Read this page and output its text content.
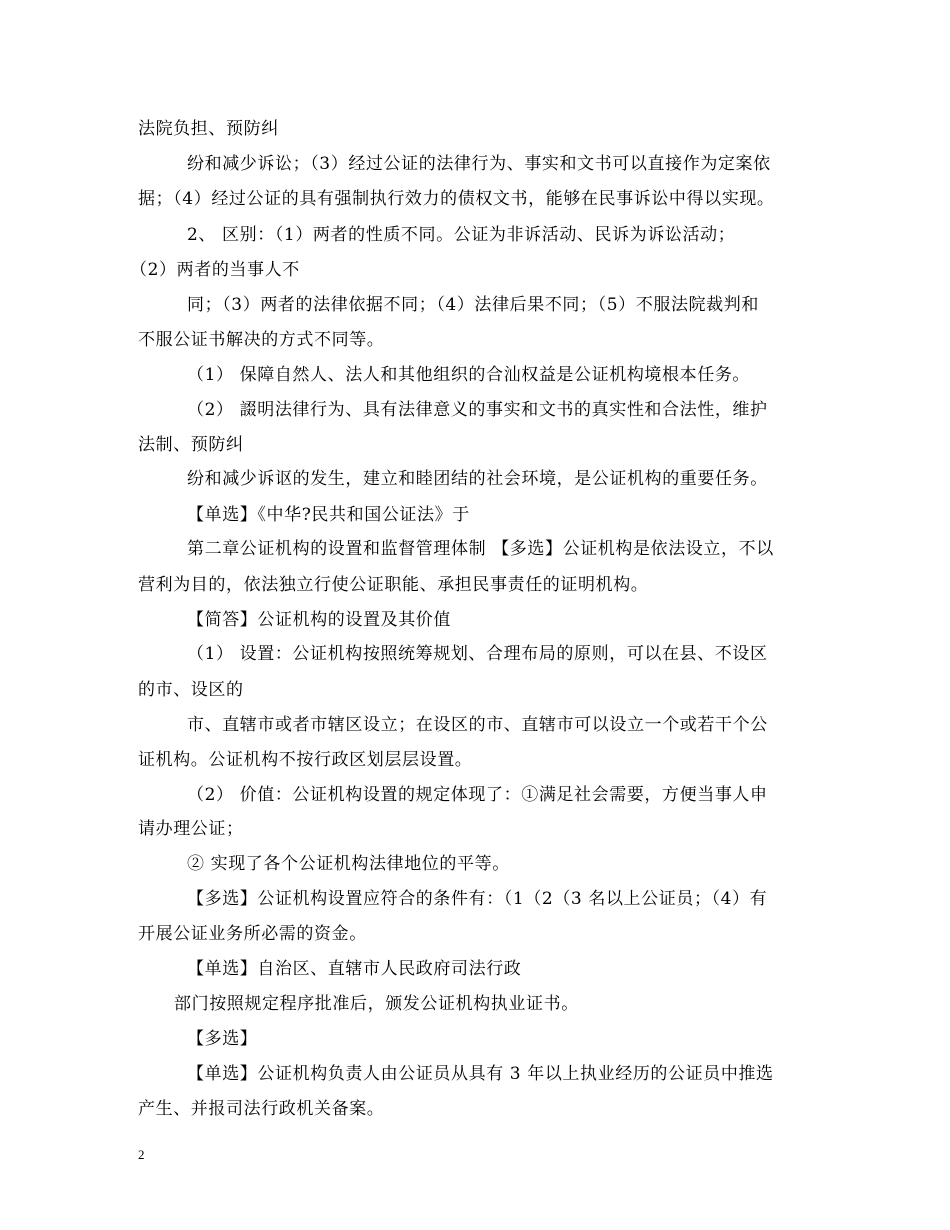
法院负担、预防纠
纷和减少诉讼；（3）经过公证的法律行为、事实和文书可以直接作为定案依
据；（4）经过公证的具有强制执行效力的债权文书，能够在民事诉讼中得以实现。
2、 区别：（1）两者的性质不同。公证为非诉活动、民诉为诉讼活动；
（2）两者的当事人不
同；（3）两者的法律依据不同；（4）法律后果不同；（5）不服法院裁判和
不服公证书解决的方式不同等。
（1） 保障自然人、法人和其他组织的合汕权益是公证机构境根本任务。
（2） 諁明法律行为、具有法律意义的事实和文书的真实性和合法性，维护
法制、预防纠
纷和减少诉讴的发生，建立和睦团结的社会环境，是公证机构的重要任务。
【单选】《中华?民共和国公证法》于
第二章公证机构的设置和监督管理体制 【多选】公证机构是依法设立，不以
营利为目的，依法独立行使公证职能、承担民事责任的证明机构。
【简答】公证机构的设置及其价值
（1） 设置：公证机构按照统筹规划、合理布局的原则，可以在县、不设区
的市、设区的
市、直辖市或者市辖区设立；在设区的市、直辖市可以设立一个或若干个公
证机构。公证机构不按行政区划层层设置。
（2） 价值：公证机构设置的规定体现了：①满足社会需要，方便当事人申
请办理公证；
② 实现了各个公证机构法律地位的平等。
【多选】公证机构设置应符合的条件有：（1（2（3 名以上公证员；（4）有
开展公证业务所必需的资金。
【单选】自治区、直辖市人民政府司法行政
部门按照规定程序批准后，颁发公证机构执业证书。
【多选】
【单选】公证机构负责人由公证员从具有 3 年以上执业经历的公证员中推选
产生、并报司法行政机关备案。
2
